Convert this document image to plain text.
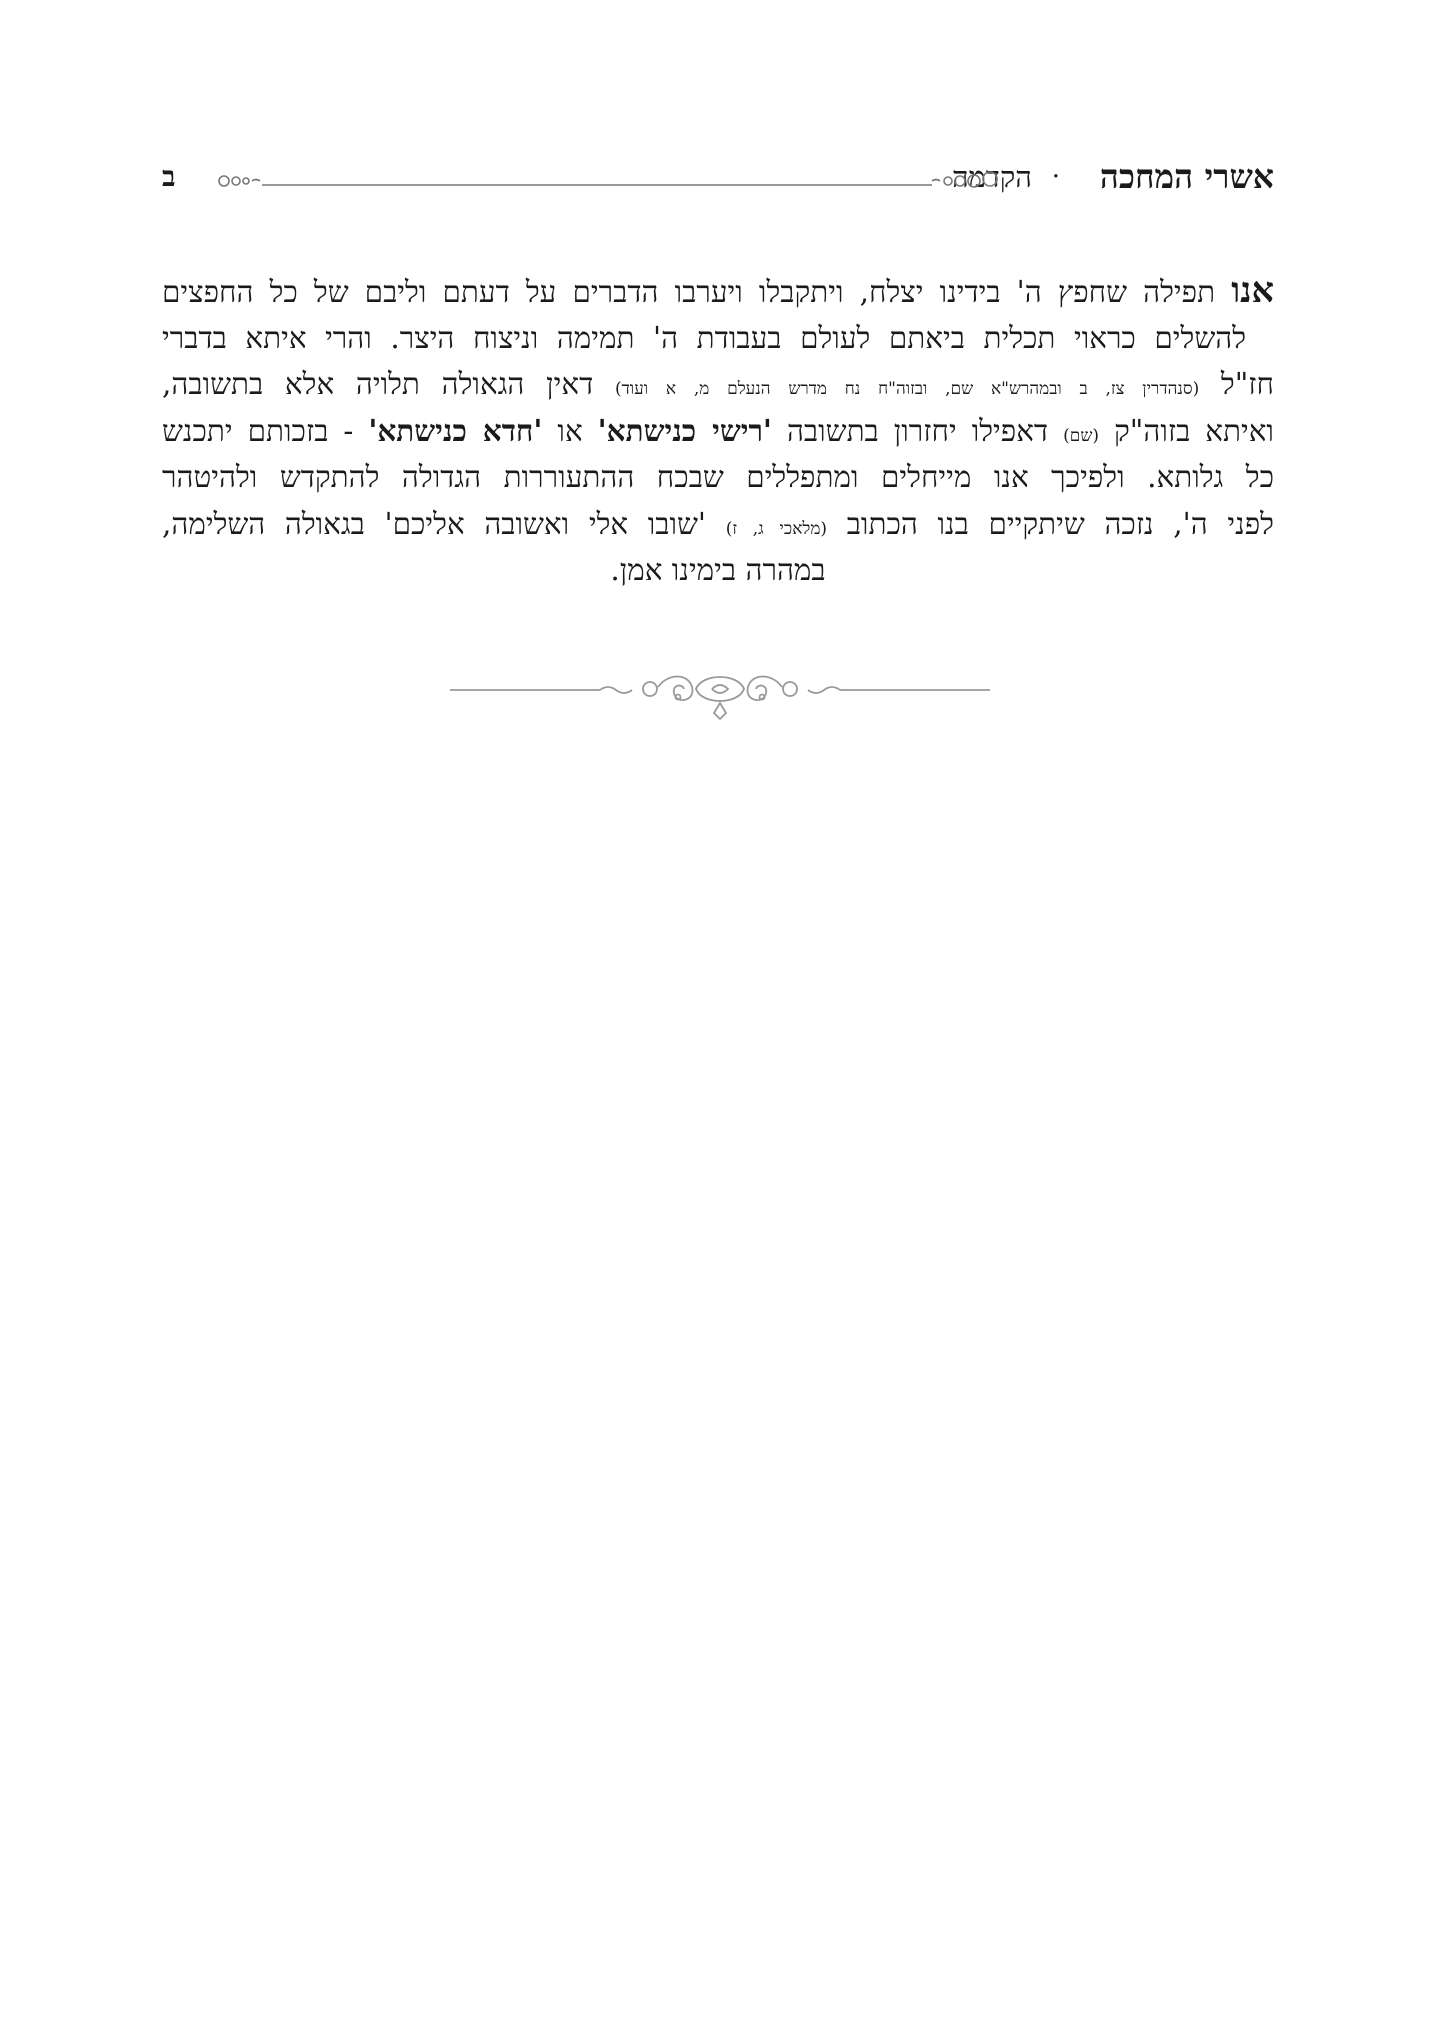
אשרי המחכה
·
הקדמה
ב
אנו תפילה שחפץ ה' בידינו יצלח, ויתקבלו ויערבו הדברים על דעתם וליבם של כל החפצים
להשלים כראוי תכלית ביאתם לעולם בעבודת ה' תמימה וניצוח היצר. והרי איתא בדברי
חז"ל (סנהדרין צז, ב ובמהרש"א שם, ובזוה"ח נח מדרש הנעלם מ, א ועוד) דאין הגאולה תלויה אלא בתשובה,
ואיתא בזוה"ק (שם) דאפילו יחזרון בתשובה 'רישי כנישתא' או 'חדא כנישתא' - בזכותם יתכנש
כל גלותא. ולפיכך אנו מייחלים ומתפללים שבכח ההתעוררות הגדולה להתקדש ולהיטהר
לפני ה', נזכה שיתקיים בנו הכתוב (מלאכי ג, ז) 'שובו אלי ואשובה אליכם' בגאולה השלימה,
במהרה בימינו אמן.
